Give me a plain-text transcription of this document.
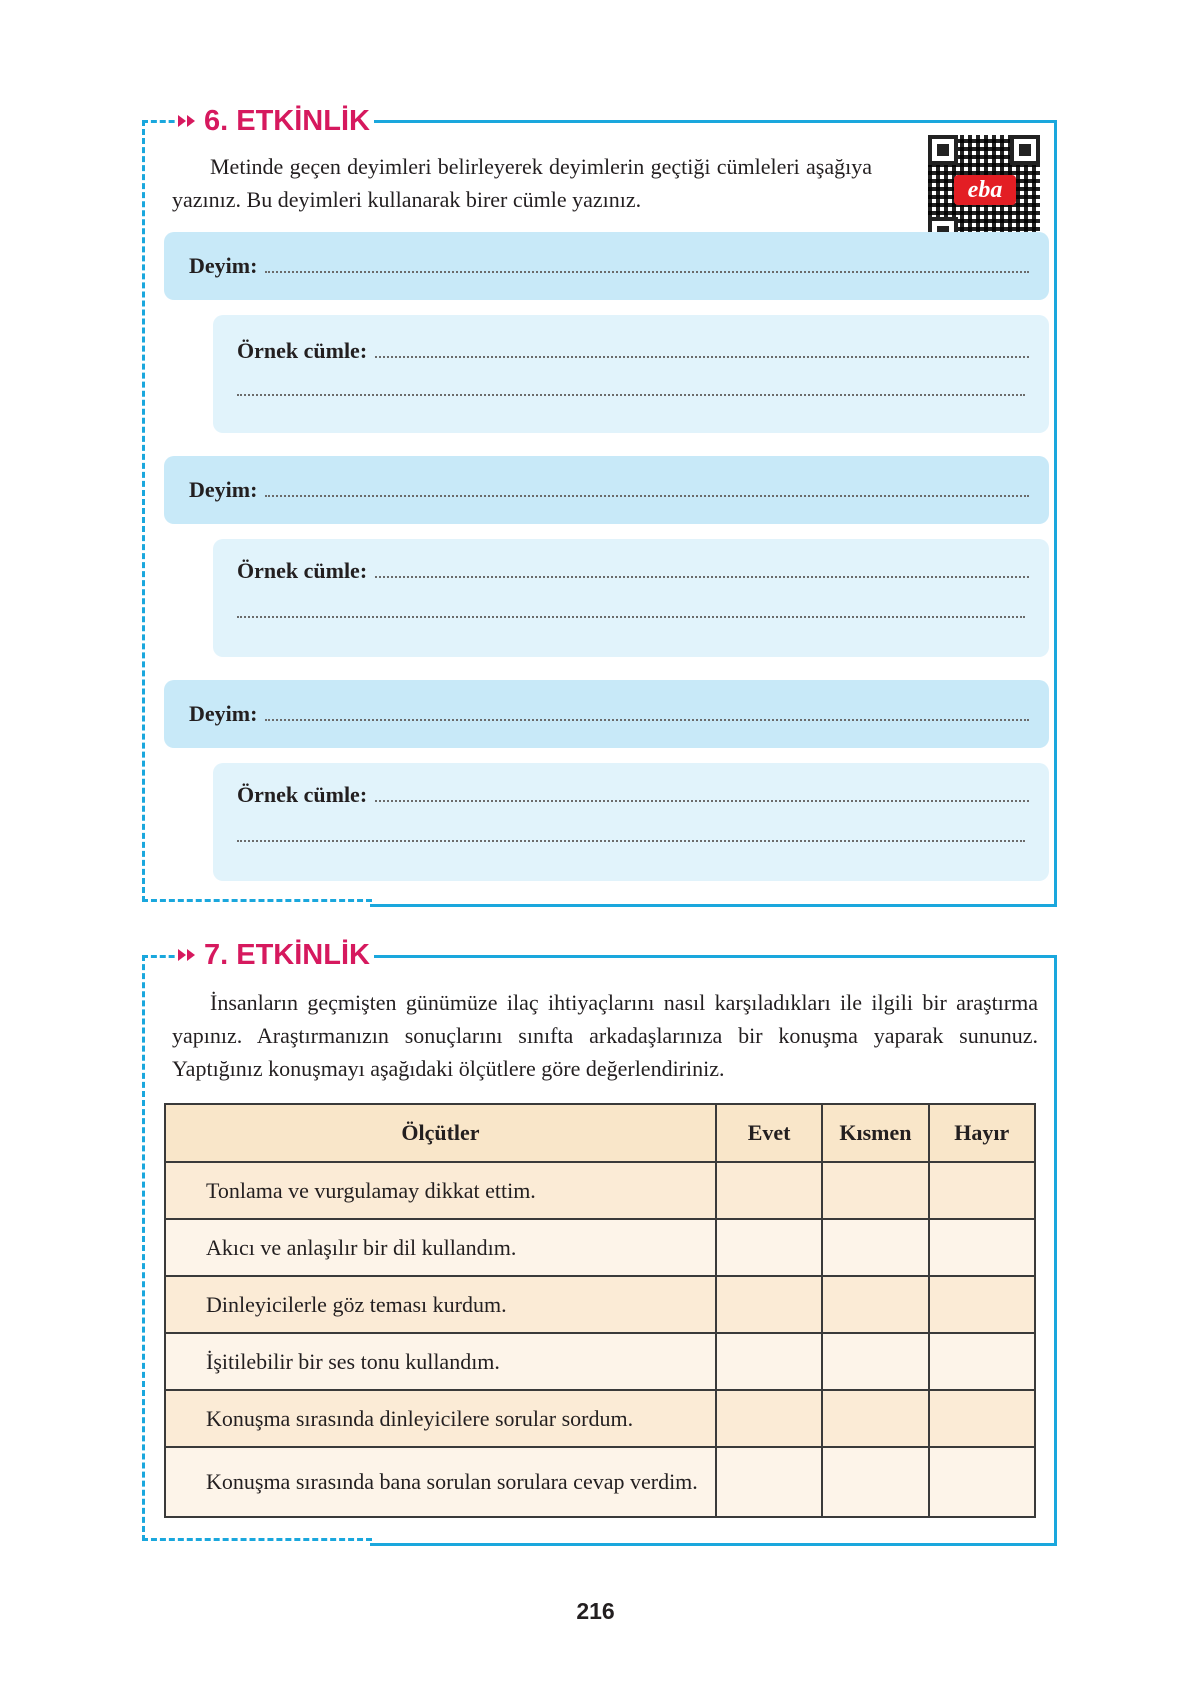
6. ETKİNLİK

Metinde geçen deyimleri belirleyerek deyimlerin geçtiği cümleleri aşağıya yazınız. Bu deyimleri kullanarak birer cümle yazınız.	eba
Deyim:
Örnek cümle:
Deyim:
Örnek cümle:
Deyim:
Örnek cümle:
7. ETKİNLİK

İnsanların geçmişten günümüze ilaç ihtiyaçlarını nasıl karşıladıkları ile ilgili bir araştırma yapınız. Araştırmanızın sonuçlarını sınıfta arkadaşlarınıza bir konuşma yaparak sununuz. Yaptığınız konuşmayı aşağıdaki ölçütlere göre değerlendiriniz.

Ölçütler	Evet	Kısmen	Hayır
Tonlama ve vurgulamay dikkat ettim.			
Akıcı ve anlaşılır bir dil kullandım.			
Dinleyicilerle göz teması kurdum.			
İşitilebilir bir ses tonu kullandım.			
Konuşma sırasında dinleyicilere sorular sordum.			
Konuşma sırasında bana sorulan sorulara cevap verdim.			
216
